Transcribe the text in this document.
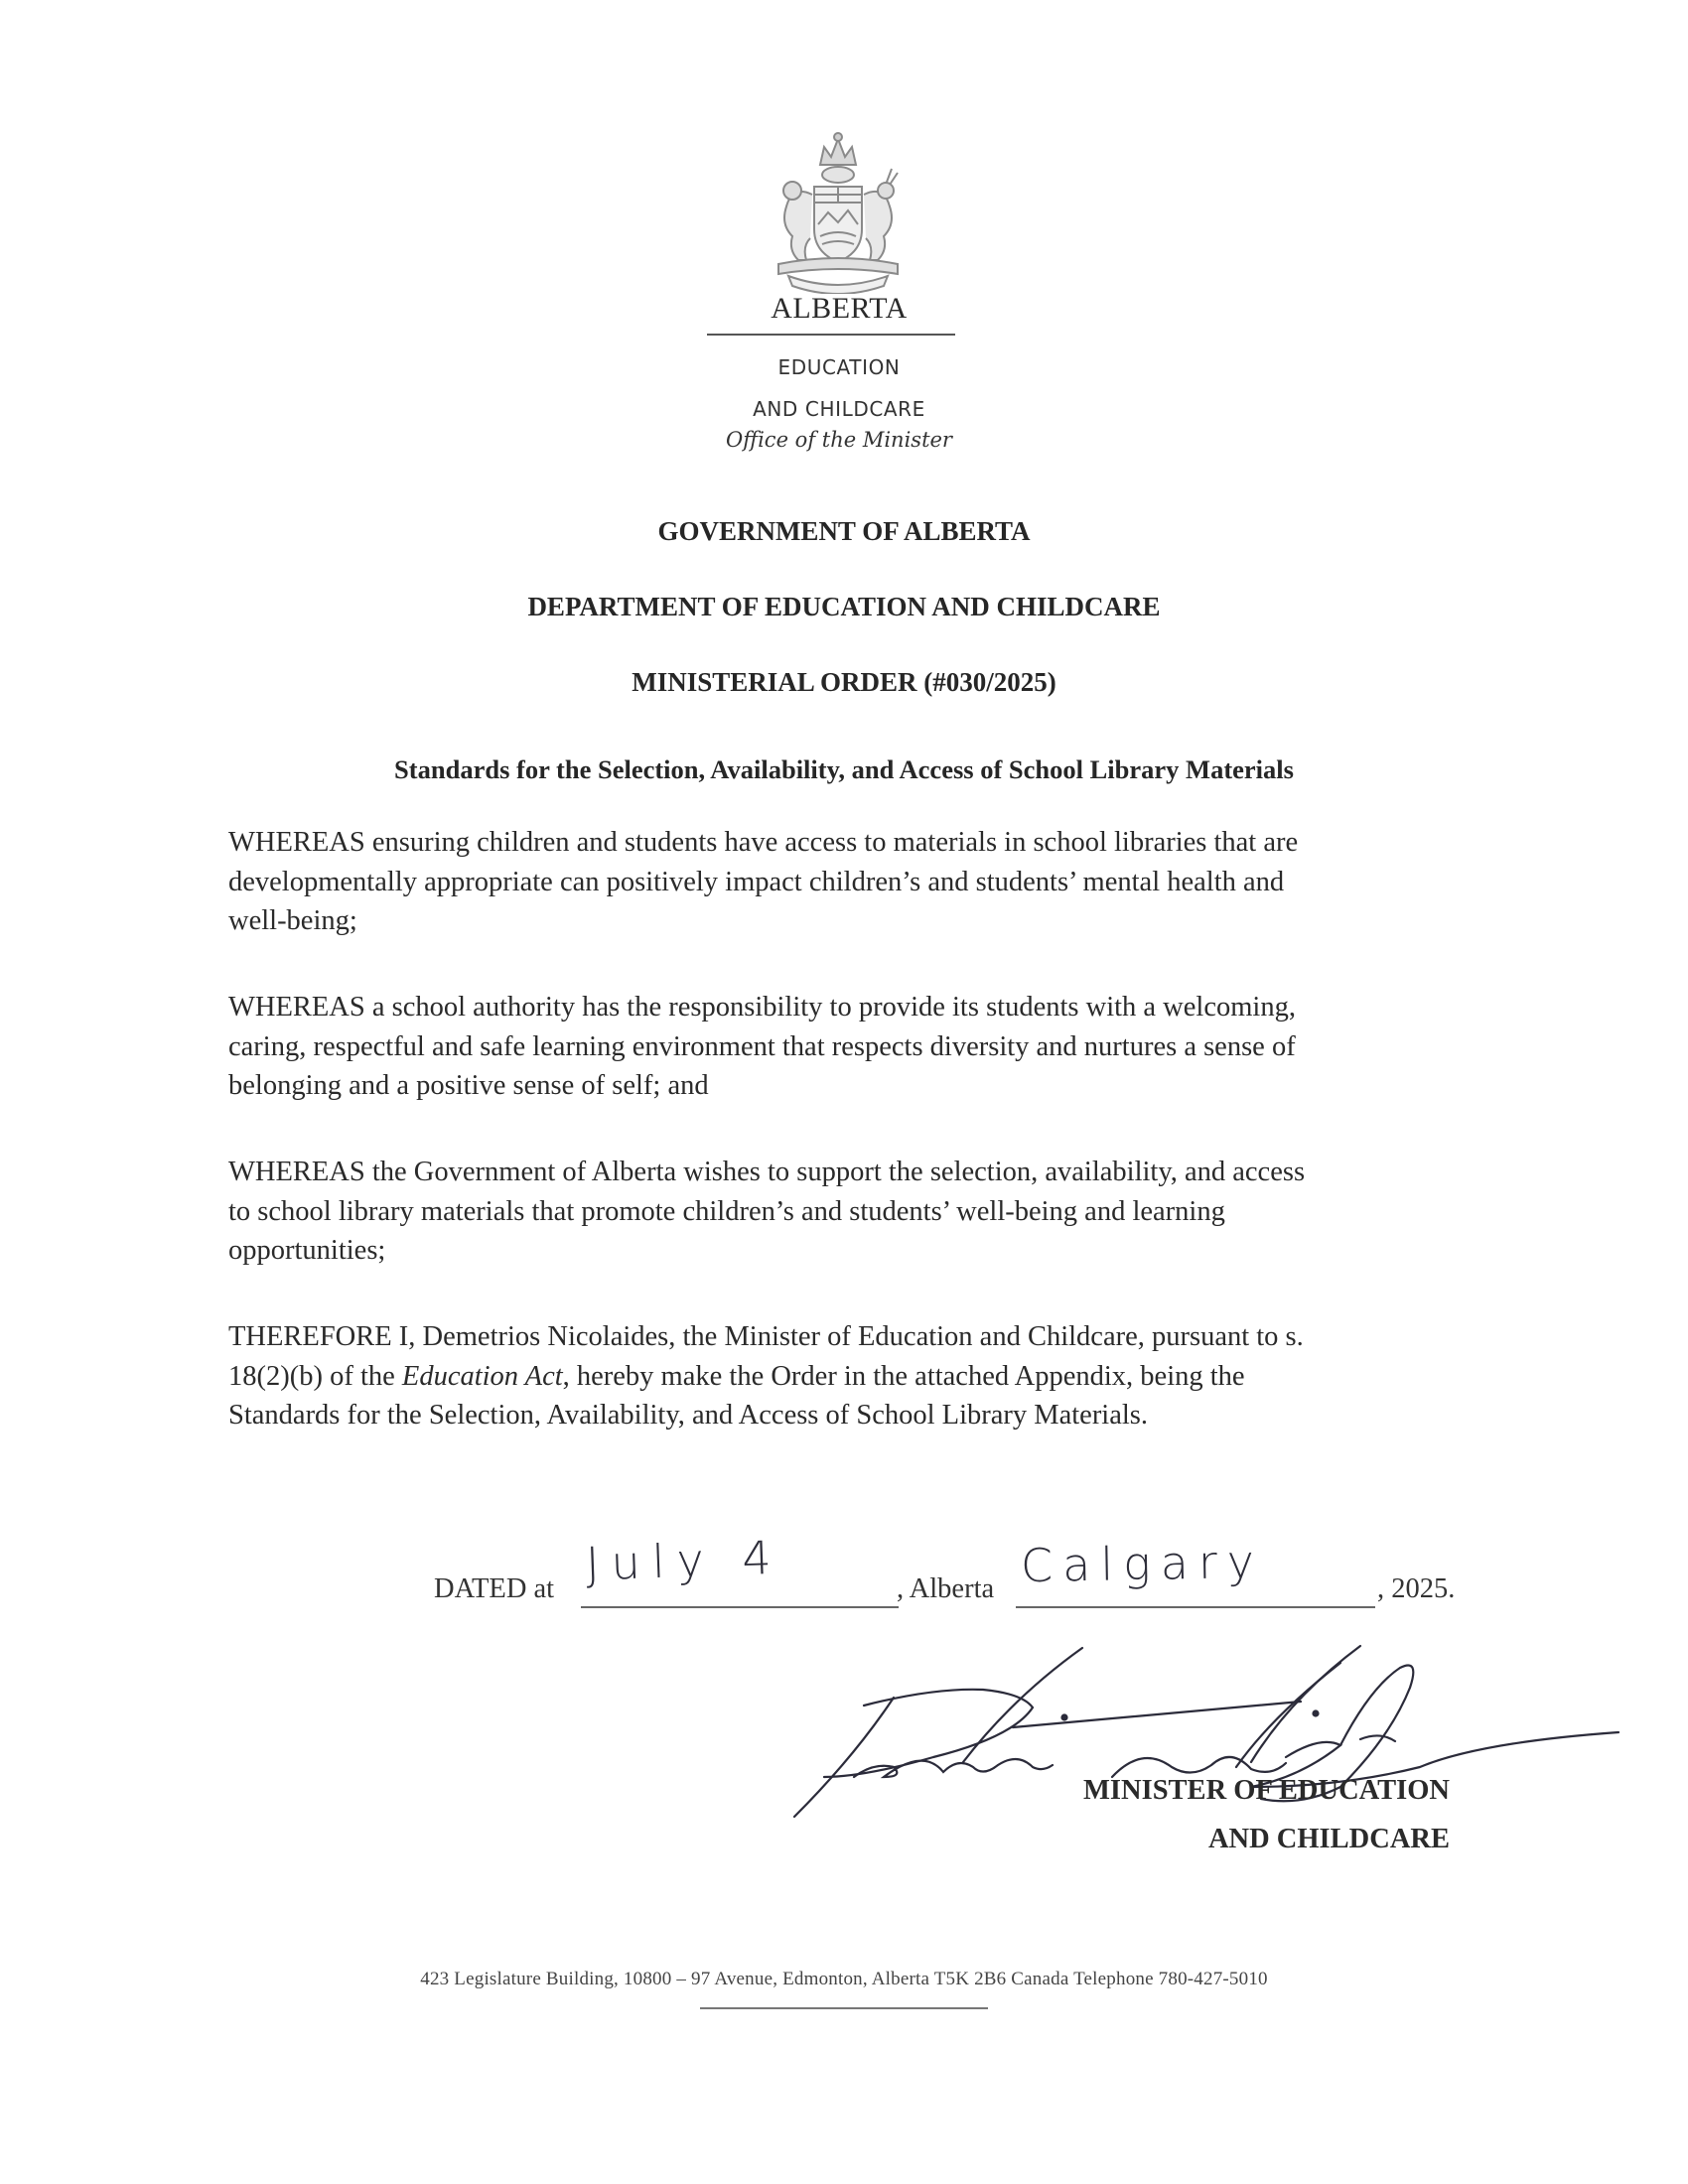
ALBERTA
EDUCATION
AND CHILDCARE
Office of the Minister
GOVERNMENT OF ALBERTA
DEPARTMENT OF EDUCATION AND CHILDCARE
MINISTERIAL ORDER (#030/2025)
Standards for the Selection, Availability, and Access of School Library Materials
WHEREAS ensuring children and students have access to materials in school libraries that are
developmentally appropriate can positively impact children’s and students’ mental health and
well-being;
WHEREAS a school authority has the responsibility to provide its students with a welcoming,
caring, respectful and safe learning environment that respects diversity and nurtures a sense of
belonging and a positive sense of self; and
WHEREAS the Government of Alberta wishes to support the selection, availability, and access
to school library materials that promote children’s and students’ well-being and learning
opportunities;
THEREFORE I, Demetrios Nicolaides, the Minister of Education and Childcare, pursuant to s.
18(2)(b) of the Education Act, hereby make the Order in the attached Appendix, being the
Standards for the Selection, Availability, and Access of School Library Materials.
DATED at July 4	, Alberta Calgary	, 2025.
MINISTER OF EDUCATION
AND CHILDCARE
423 Legislature Building, 10800 – 97 Avenue, Edmonton, Alberta T5K 2B6 Canada Telephone 780-427-5010
